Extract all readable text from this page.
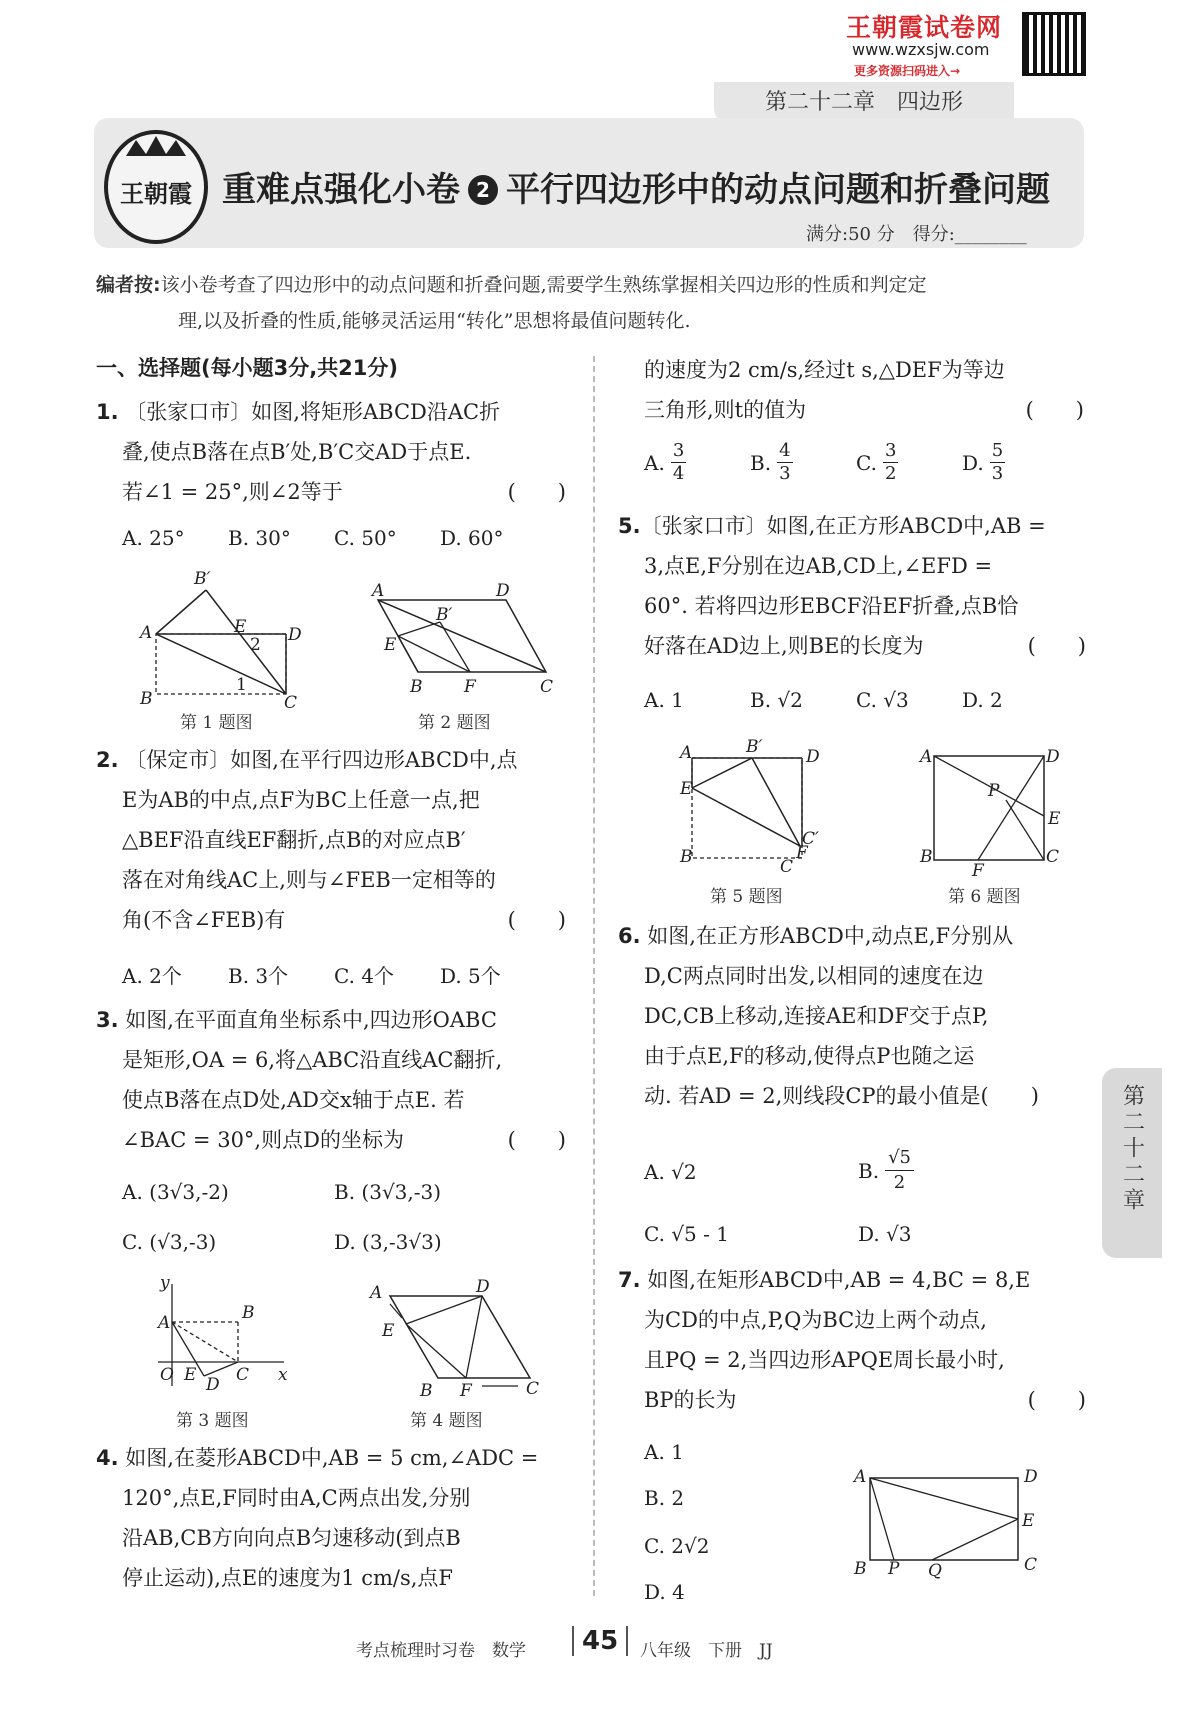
王朝霞试卷网
www.wzxsjw.com
更多资源扫码进入→
第二十二章　四边形
王朝霞 重难点强化小卷 2 平行四边形中的动点问题和折叠问题
满分:50 分　得分:________
编者按:该小卷考查了四边形中的动点问题和折叠问题,需要学生熟练掌握相关四边形的性质和判定定
理,以及折叠的性质,能够灵活运用“转化”思想将最值问题转化.
一、选择题(每小题3分,共21分)
1. 〔张家口市〕如图,将矩形ABCD沿AC折
叠,使点B落在点B′处,B′C交AD于点E.
若∠1 = 25°,则∠2等于	(　　)
A. 25°	B. 30°	C. 50°	D. 60°
B′
A	E
2 D
B	C
1
第 1 题图
A	D
B′
E
B F	C
第 2 题图
2. 〔保定市〕如图,在平行四边形ABCD中,点
E为AB的中点,点F为BC上任意一点,把
△BEF沿直线EF翻折,点B的对应点B′
落在对角线AC上,则与∠FEB一定相等的
角(不含∠FEB)有	(　　)
A. 2个	B. 3个	C. 4个	D. 5个
3. 如图,在平面直角坐标系中,四边形OABC
是矩形,OA = 6,将△ABC沿直线AC翻折,
使点B落在点D处,AD交x轴于点E. 若
∠BAC = 30°,则点D的坐标为	(　　)
A. (3√3,-2)	B. (3√3,-3)
C. (√3,-3)	D. (3,-3√3)
y
A	B
O E C
D	x
第 3 题图
A	D
E
B F	C
第 4 题图
4. 如图,在菱形ABCD中,AB = 5 cm,∠ADC =
120°,点E,F同时由A,C两点出发,分别
沿AB,CB方向向点B匀速移动(到点B
停止运动),点E的速度为1 cm/s,点F
的速度为2 cm/s,经过t s,△DEF为等边
三角形,则t的值为	(　　)
A. $\frac{3}{4}$	B. $\frac{4}{3}$	C. $\frac{3}{2}$	D. $\frac{5}{3}$
5.〔张家口市〕如图,在正方形ABCD中,AB =
3,点E,F分别在边AB,CD上,∠EFD =
60°. 若将四边形EBCF沿EF折叠,点B恰
好落在AD边上,则BE的长度为	(　　)
A. 1	B. √2	C. √3	D. 2
A	B′	D
E
C′
F
B	C
第 5 题图
A	D
P
E
B
F
C
第 6 题图
6. 如图,在正方形ABCD中,动点E,F分别从
D,C两点同时出发,以相同的速度在边
DC,CB上移动,连接AE和DF交于点P,
由于点E,F的移动,使得点P也随之运
动. 若AD = 2,则线段CP的最小值是(　　)
A. √2	B. $\frac{√5}{2}$
C. √5 - 1	D. √3
7. 如图,在矩形ABCD中,AB = 4,BC = 8,E
为CD的中点,P,Q为BC边上两个动点,
且PQ = 2,当四边形APQE周长最小时,
BP的长为	(　　)
A. 1
B. 2
C. 2√2
D. 4
A	D
E
B P Q	C
第二十二章
考点梳理时习卷　数学	45	八年级　下册　JJ
